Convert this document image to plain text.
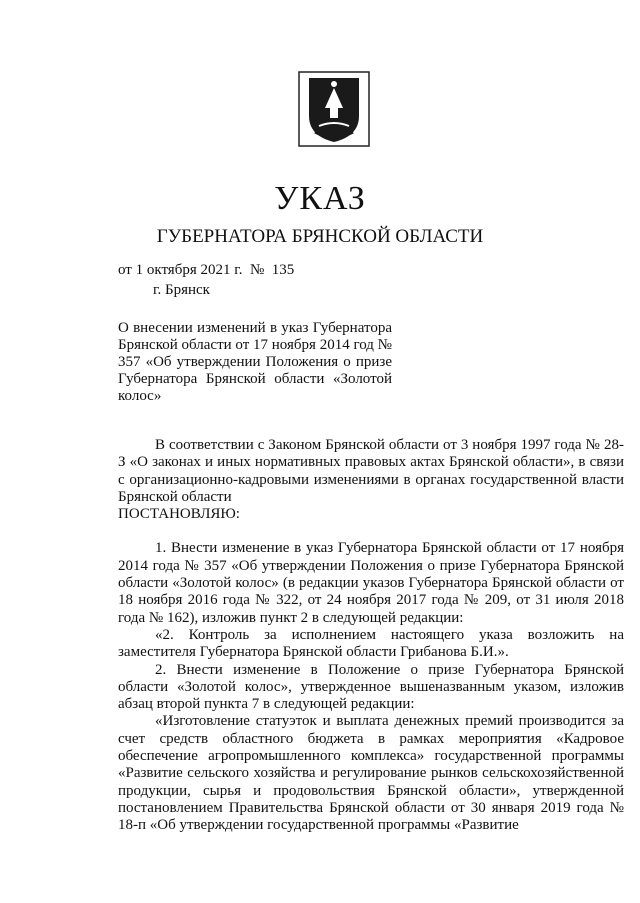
УКАЗ
ГУБЕРНАТОРА БРЯНСКОЙ ОБЛАСТИ
от 1 октября 2021 г.  №  135
г. Брянск
О внесении изменений в указ Губернатора Брянской области от 17 ноября 2014 год № 357 «Об утверждении Положения о призе Губернатора Брянской области «Золотой колос»

В соответствии с Законом Брянской области от 3 ноября 1997 года № 28-З «О законах и иных нормативных правовых актах Брянской области», в связи с организационно-кадровыми изменениями в органах государственной власти Брянской области

ПОСТАНОВЛЯЮ:

1. Внести изменение в указ Губернатора Брянской области от 17 ноября 2014 года № 357 «Об утверждении Положения о призе Губернатора Брянской области «Золотой колос» (в редакции указов Губернатора Брянской области от 18 ноября 2016 года № 322, от 24 ноября 2017 года № 209, от 31 июля 2018 года № 162), изложив пункт 2 в следующей редакции:

«2. Контроль за исполнением настоящего указа возложить на заместителя Губернатора Брянской области Грибанова Б.И.».

2. Внести изменение в Положение о призе Губернатора Брянской области «Золотой колос», утвержденное вышеназванным указом, изложив абзац второй пункта 7 в следующей редакции:

«Изготовление статуэток и выплата денежных премий производится за счет средств областного бюджета в рамках мероприятия «Кадровое обеспечение агропромышленного комплекса» государственной программы «Развитие сельского хозяйства и регулирование рынков сельскохозяйственной продукции, сырья и продовольствия Брянской области», утвержденной постановлением Правительства Брянской области от 30 января 2019 года № 18-п «Об утверждении государственной программы «Развитие
